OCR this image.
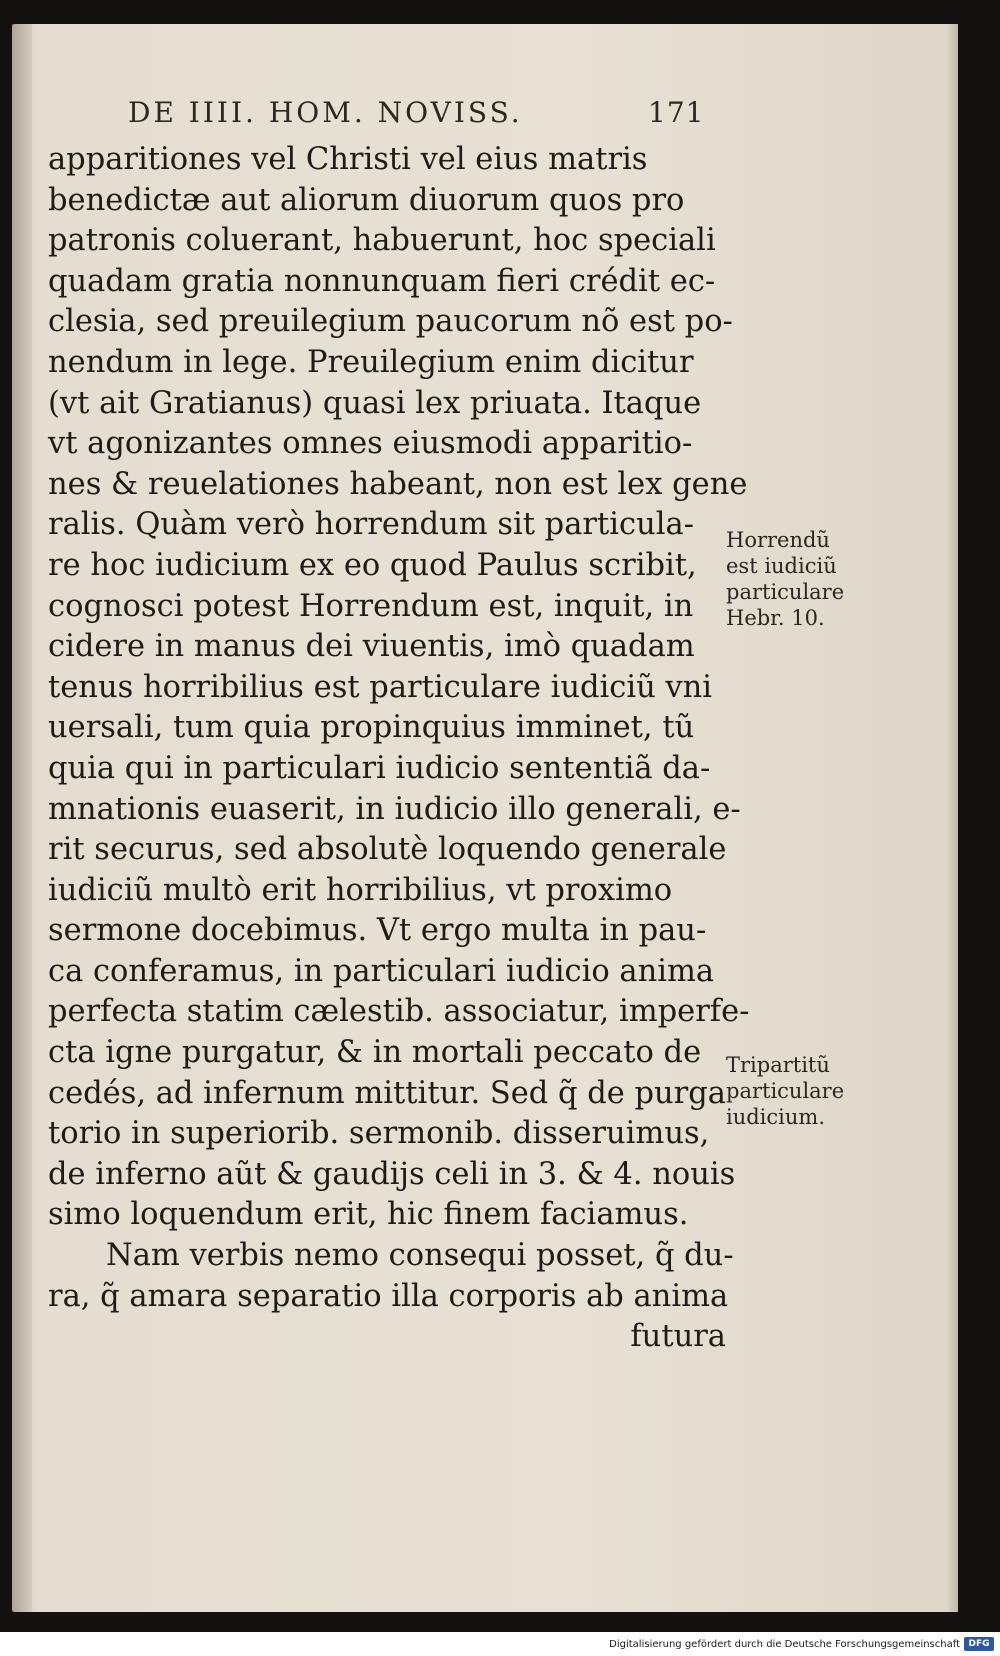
DE IIII. HOM. NOVISS.	171
apparitiones vel Christi vel eius matris
benedictæ aut aliorum diuorum quos pro
patronis coluerant, habuerunt, hoc speciali
quadam gratia nonnunquam fieri crédit ec-
clesia, sed preuilegium paucorum nõ est po-
nendum in lege. Preuilegium enim dicitur
(vt ait Gratianus) quasi lex priuata. Itaque
vt agonizantes omnes eiusmodi apparitio-
nes & reuelationes habeant, non est lex gene
ralis. Quàm verò horrendum sit particula-
re hoc iudicium ex eo quod Paulus scribit,
cognosci potest Horrendum est, inquit, in
cidere in manus dei viuentis, imò quadam
tenus horribilius est particulare iudiciũ vni
uersali, tum quia propinquius imminet, tũ
quia qui in particulari iudicio sententiã da-
mnationis euaserit, in iudicio illo generali, e-
rit securus, sed absolutè loquendo generale
iudiciũ multò erit horribilius, vt proximo
sermone docebimus. Vt ergo multa in pau-
ca conferamus, in particulari iudicio anima
perfecta statim cælestib. associatur, imperfe-
cta igne purgatur, & in mortali peccato de
cedés, ad infernum mittitur. Sed q̃ de purga
torio in superiorib. sermonib. disseruimus,
de inferno aũt & gaudijs celi in 3. & 4. nouis
simo loquendum erit, hic finem faciamus.
Nam verbis nemo consequi posset, q̃ du-
ra, q̃ amara separatio illa corporis ab anima
futura
Horrendũ
est iudiciũ
particulare
Hebr. 10.
Tripartitũ
particulare
iudicium.
Digitalisierung gefördert durch die Deutsche Forschungsgemeinschaft DFG
